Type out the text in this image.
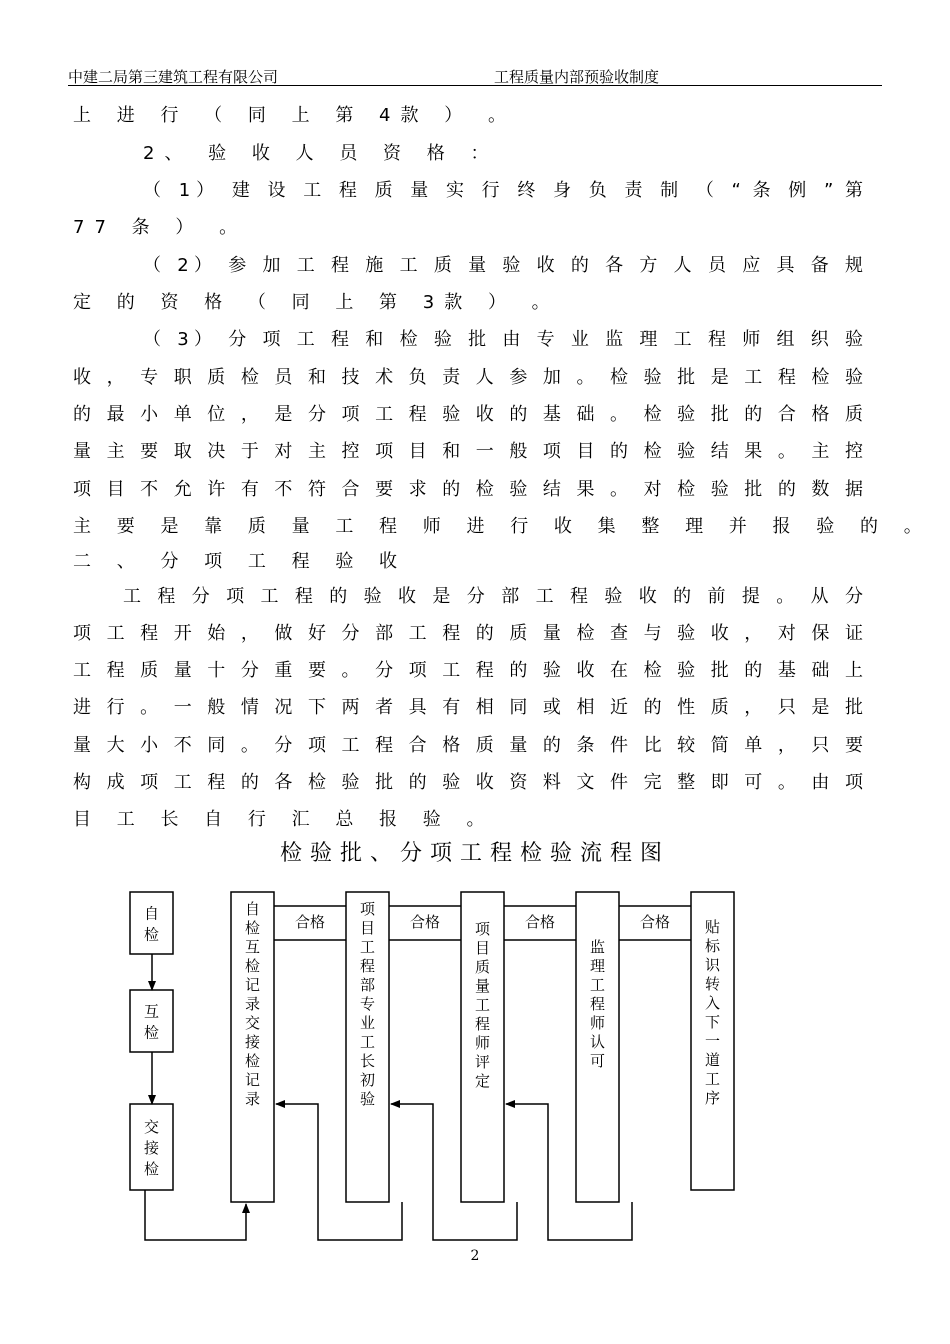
中建二局第三建筑工程有限公司	工程质量内部预验收制度
上 进 行 （ 同 上 第 4款 ） 。
2、 验 收 人 员 资 格 ：
（ 1） 建 设 工 程 质 量 实 行 终 身 负 责 制 （ “ 条 例 ” 第
77 条 ） 。
（ 2） 参 加 工 程 施 工 质 量 验 收 的 各 方 人 员 应 具 备 规
定 的 资 格 （ 同 上 第 3款 ） 。
（ 3） 分 项 工 程 和 检 验 批 由 专 业 监 理 工 程 师 组 织 验
收 ， 专 职 质 检 员 和 技 术 负 责 人 参 加 。 检 验 批 是 工 程 检 验
的 最 小 单 位 ， 是 分 项 工 程 验 收 的 基 础 。 检 验 批 的 合 格 质
量 主 要 取 决 于 对 主 控 项 目 和 一 般 项 目 的 检 验 结 果 。 主 控
项 目 不 允 许 有 不 符 合 要 求 的 检 验 结 果 。 对 检 验 批 的 数 据
主 要 是 靠 质 量 工 程 师 进 行 收 集 整 理 并 报 验 的 。
二 、 分 项 工 程 验 收
工 程 分 项 工 程 的 验 收 是 分 部 工 程 验 收 的 前 提 。 从 分
项 工 程 开 始 ， 做 好 分 部 工 程 的 质 量 检 查 与 验 收 ， 对 保 证
工 程 质 量 十 分 重 要 。 分 项 工 程 的 验 收 在 检 验 批 的 基 础 上
进 行 。 一 般 情 况 下 两 者 具 有 相 同 或 相 近 的 性 质 ， 只 是 批
量 大 小 不 同 。 分 项 工 程 合 格 质 量 的 条 件 比 较 简 单 ， 只 要
构 成 项 工 程 的 各 检 验 批 的 验 收 资 料 文 件 完 整 即 可 。 由 项
目 工 长 自 行 汇 总 报 验 。
检验批、分项工程检验流程图
自
检
互
检
交
接
检
自
检
互
检
记
录
交
接
检
记
录
项
目
工
程
部
专
业
工
长
初
验
项
目
质
量
工
程
师
评
定
监
理
工
程
师
认
可
贴
标
识
转
入
下
一
道
工
序
合格	合格	合格	合格
2
